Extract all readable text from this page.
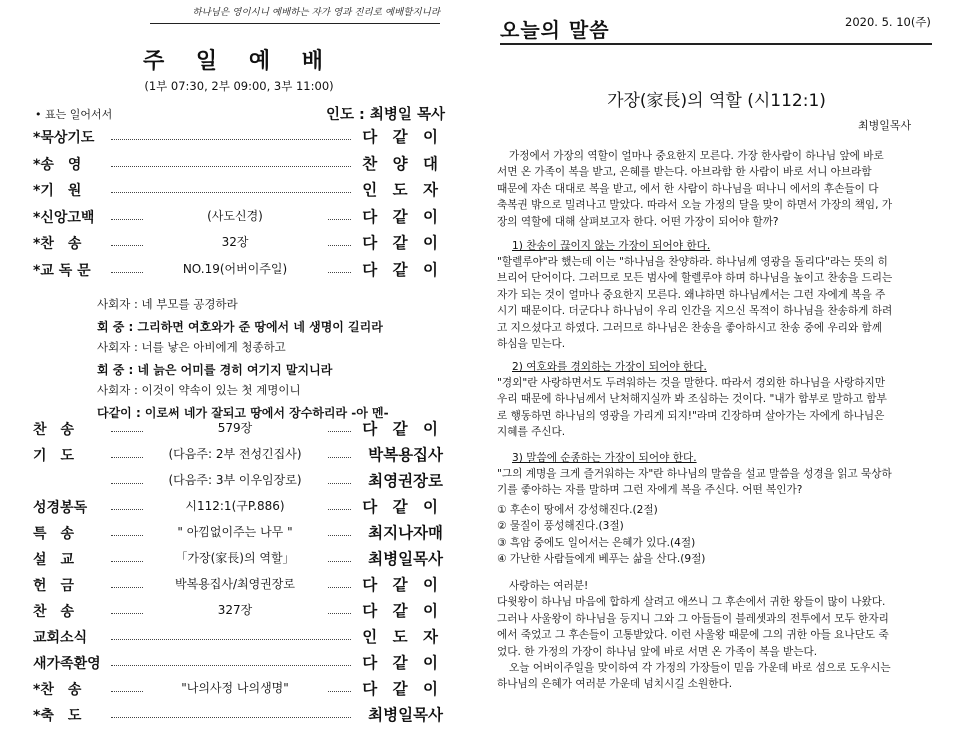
하나님은 영이시니 예배하는 자가 영과 진리로 예배할지니라
주 일 예 배
(1부 07:30, 2부 09:00, 3부 11:00)
• 표는 일어서서	인도 : 최병일 목사
*묵상기도	다 같 이
*송　영	찬 양 대
*기　원	인 도 자
*신앙고백	(사도신경)	다 같 이
*찬　송	32장	다 같 이
*교 독 문	NO.19(어버이주일)	다 같 이
사회자 : 네 부모를 공경하라
회 중 : 그리하면 여호와가 준 땅에서 네 생명이 길리라
사회자 : 너를 낳은 아비에게 청종하고
회 중 : 네 늙은 어미를 경히 여기지 말지니라
사회자 : 이것이 약속이 있는 첫 계명이니
다같이 : 이로써 네가 잘되고 땅에서 장수하리라 -아 멘-
찬　송	579장	다 같 이
기　도	(다음주: 2부 전성긴집사)	박복용집사
(다음주: 3부 이우임장로)	최영권장로
성경봉독	시112:1(구P.886)	다 같 이
특　송	" 아낌없이주는 나무 "	최지나자매
설　교	「가장(家長)의 역할」	최병일목사
헌　금	박복용집사/최영권장로	다 같 이
찬　송	327장	다 같 이
교회소식	인 도 자
새가족환영	다 같 이
*찬　송	"나의사정 나의생명"	다 같 이
*축　도	최병일목사
오늘의 말씀	2020. 5. 10(주)
가장(家長)의 역할 (시112:1)
최병일목사
가정에서 가장의 역할이 얼마나 중요한지 모른다. 가장 한사람이 하나님 앞에 바로
서면 온 가족이 복을 받고, 은혜를 받는다. 아브라함 한 사람이 바로 서니 아브라함
때문에 자손 대대로 복을 받고, 에서 한 사람이 하나님을 떠나니 에서의 후손들이 다
축복권 밖으로 밀려나고 말았다. 따라서 오늘 가정의 달을 맞이 하면서 가장의 책임, 가
장의 역할에 대해 살펴보고자 한다. 어떤 가장이 되어야 할까?
1) 찬송이 끊이지 않는 가장이 되어야 한다.
"할렐루야"라 했는데 이는 "하나님을 찬양하라. 하나님께 영광을 돌리다"라는 뜻의 히
브리어 단어이다. 그러므로 모든 범사에 할렐루야 하며 하나님을 높이고 찬송을 드리는
자가 되는 것이 얼마나 중요한지 모른다. 왜냐하면 하나님께서는 그런 자에게 복을 주
시기 때문이다. 더군다나 하나님이 우리 인간을 지으신 목적이 하나님을 찬송하게 하려
고 지으셨다고 하였다. 그러므로 하나님은 찬송을 좋아하시고 찬송 중에 우리와 함께
하심을 믿는다.
2) 여호와를 경외하는 가장이 되어야 한다.
"경외"란 사랑하면서도 두려워하는 것을 말한다. 따라서 경외한 하나님을 사랑하지만
우리 때문에 하나님께서 난처해지실까 봐 조심하는 것이다. "내가 함부로 말하고 함부
로 행동하면 하나님의 영광을 가리게 되지!"라며 긴장하며 살아가는 자에게 하나님은
지혜를 주신다.
3) 말씀에 순종하는 가장이 되어야 한다.
"그의 계명을 크게 즐거워하는 자"란 하나님의 말씀을 설교 말씀을 성경을 읽고 묵상하
기를 좋아하는 자를 말하며 그런 자에게 복을 주신다. 어떤 복인가?
① 후손이 땅에서 강성해진다.(2절)
② 물질이 풍성해진다.(3절)
③ 흑암 중에도 일어서는 은혜가 있다.(4절)
④ 가난한 사람들에게 베푸는 삶을 산다.(9절)
사랑하는 여러분!
다윗왕이 하나님 마음에 합하게 살려고 애쓰니 그 후손에서 귀한 왕들이 많이 나왔다.
그러나 사울왕이 하나님을 등지니 그와 그 아들들이 블레셋과의 전투에서 모두 한자리
에서 죽었고 그 후손들이 고통받았다. 이런 사울왕 때문에 그의 귀한 아들 요나단도 죽
었다. 한 가정의 가장이 하나님 앞에 바로 서면 온 가족이 복을 받는다.
오늘 어버이주일을 맞이하여 각 가정의 가장들이 믿음 가운데 바로 섬으로 도우시는
하나님의 은혜가 여러분 가운데 넘치시길 소원한다.
